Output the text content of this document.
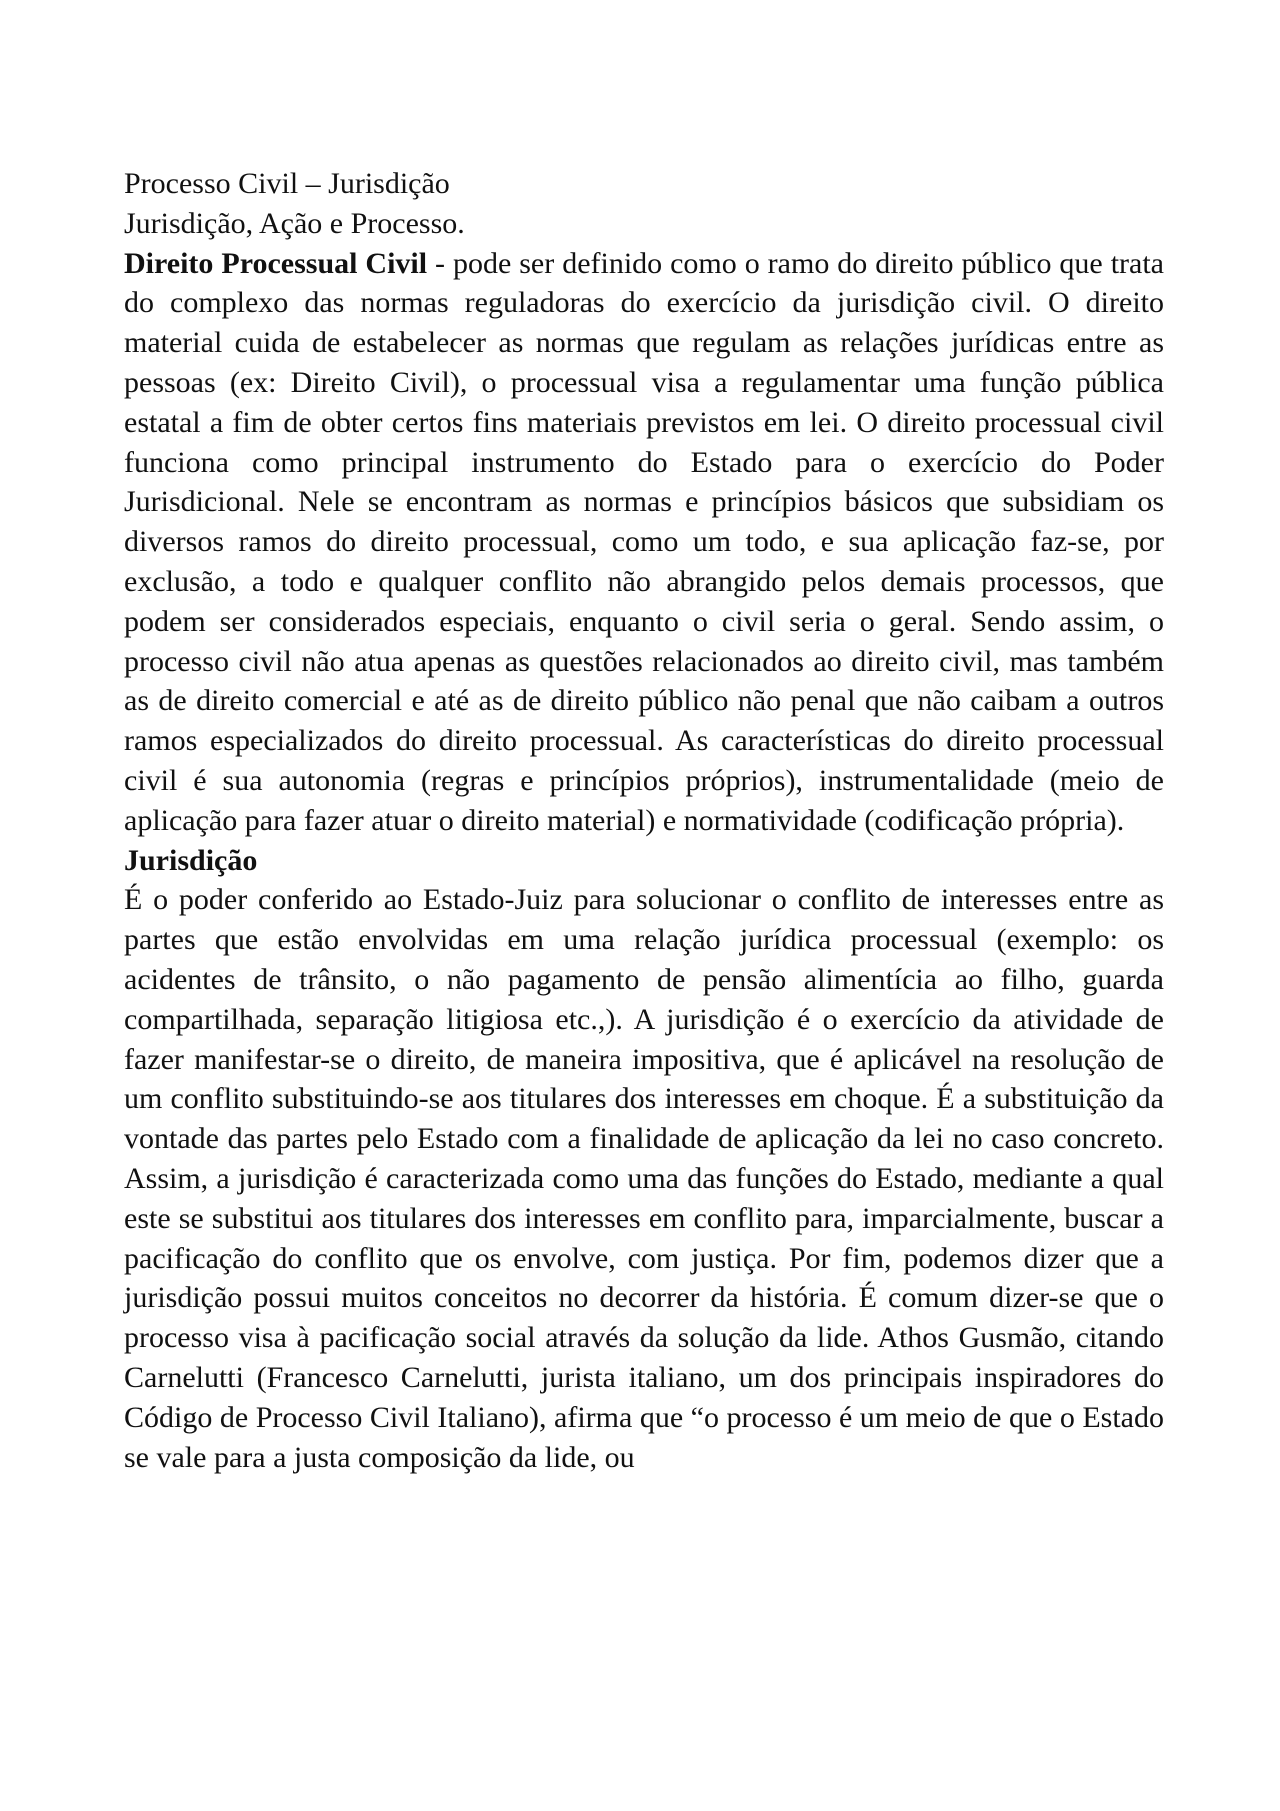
Processo Civil – Jurisdição

Jurisdição, Ação e Processo.

Direito Processual Civil - pode ser definido como o ramo do direito público que trata do complexo das normas reguladoras do exercício da jurisdição civil. O direito material cuida de estabelecer as normas que regulam as relações jurídicas entre as pessoas (ex: Direito Civil), o processual visa a regulamentar uma função pública estatal a fim de obter certos fins materiais previstos em lei. O direito processual civil funciona como principal instrumento do Estado para o exercício do Poder Jurisdicional. Nele se encontram as normas e princípios básicos que subsidiam os diversos ramos do direito processual, como um todo, e sua aplicação faz-se, por exclusão, a todo e qualquer conflito não abrangido pelos demais processos, que podem ser considerados especiais, enquanto o civil seria o geral. Sendo assim, o processo civil não atua apenas as questões relacionados ao direito civil, mas também as de direito comercial e até as de direito público não penal que não caibam a outros ramos especializados do direito processual. As características do direito processual civil é sua autonomia (regras e princípios próprios), instrumentalidade (meio de aplicação para fazer atuar o direito material) e normatividade (codificação própria).

Jurisdição

É o poder conferido ao Estado-Juiz para solucionar o conflito de interesses entre as partes que estão envolvidas em uma relação jurídica processual (exemplo: os acidentes de trânsito, o não pagamento de pensão alimentícia ao filho, guarda compartilhada, separação litigiosa etc.,). A jurisdição é o exercício da atividade de fazer manifestar-se o direito, de maneira impositiva, que é aplicável na resolução de um conflito substituindo-se aos titulares dos interesses em choque. É a substituição da vontade das partes pelo Estado com a finalidade de aplicação da lei no caso concreto. Assim, a jurisdição é caracterizada como uma das funções do Estado, mediante a qual este se substitui aos titulares dos interesses em conflito para, imparcialmente, buscar a pacificação do conflito que os envolve, com justiça. Por fim, podemos dizer que a jurisdição possui muitos conceitos no decorrer da história. É comum dizer-se que o processo visa à pacificação social através da solução da lide. Athos Gusmão, citando Carnelutti (Francesco Carnelutti, jurista italiano, um dos principais inspiradores do Código de Processo Civil Italiano), afirma que “o processo é um meio de que o Estado se vale para a justa composição da lide, ou
